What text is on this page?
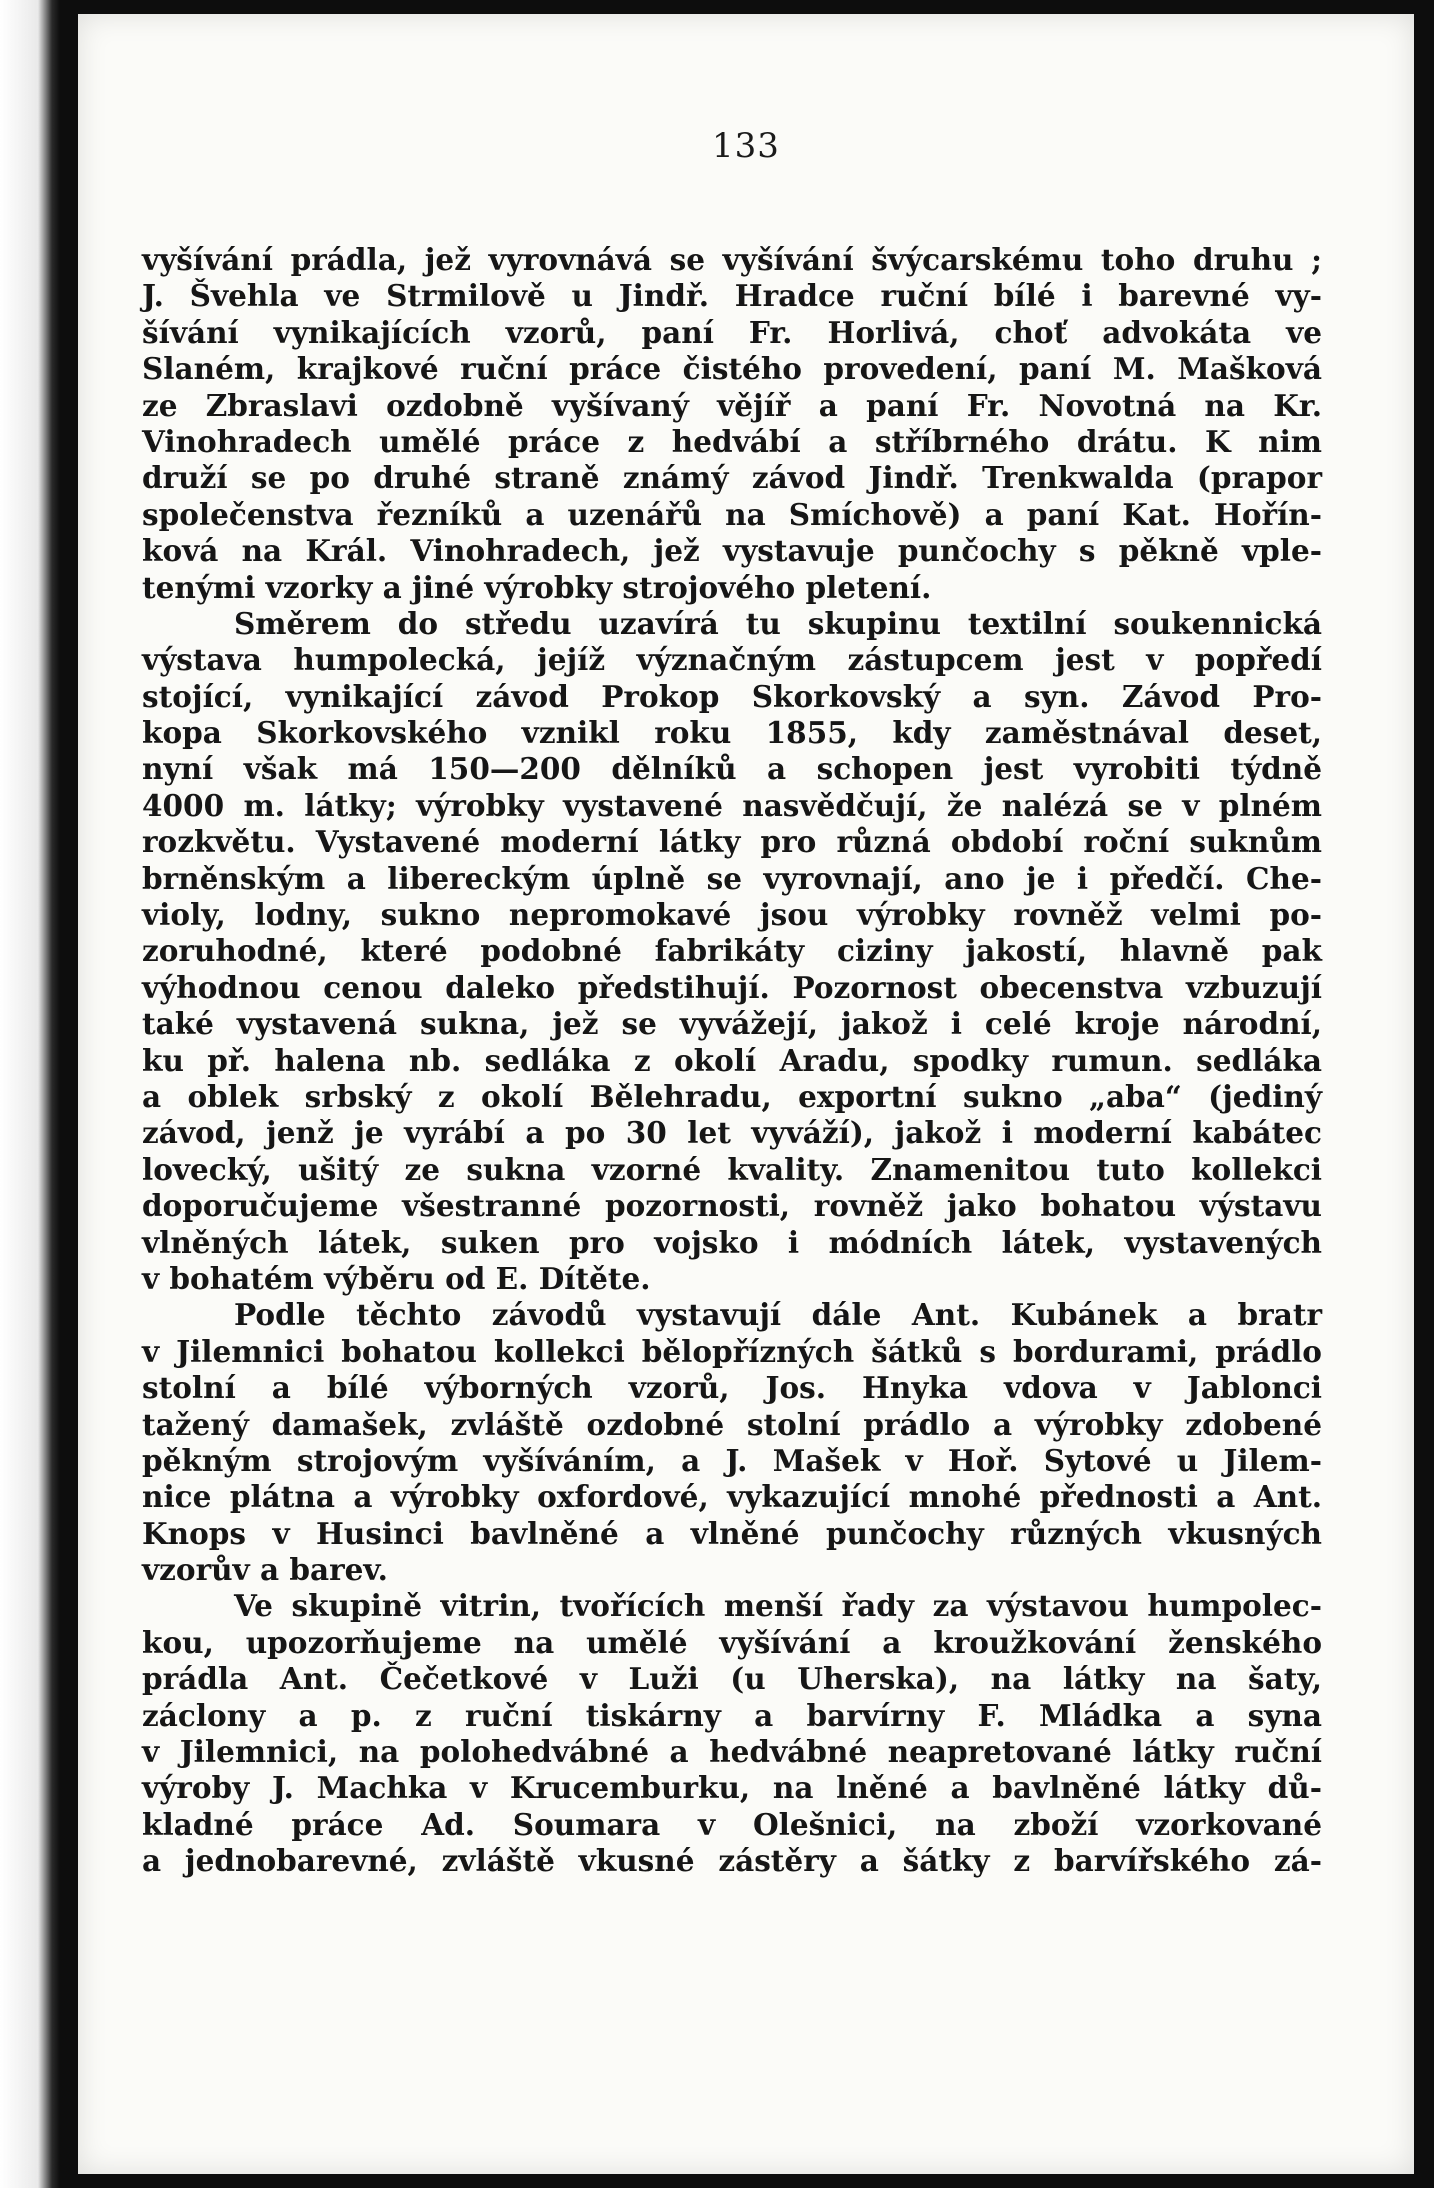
133
vyšívání prádla, jež vyrovnává se vyšívání švýcarskému toho druhu ;
J. Švehla ve Strmilově u Jindř. Hradce ruční bílé i barevné vy-
šívání vynikajících vzorů, paní Fr. Horlivá, choť advokáta ve
Slaném, krajkové ruční práce čistého provedení, paní M. Mašková
ze Zbraslavi ozdobně vyšívaný vějíř a paní Fr. Novotná na Kr.
Vinohradech umělé práce z hedvábí a stříbrného drátu. K nim
druží se po druhé straně známý závod Jindř. Trenkwalda (prapor
společenstva řezníků a uzenářů na Smíchově) a paní Kat. Hořín-
ková na Král. Vinohradech, jež vystavuje punčochy s pěkně vple-
tenými vzorky a jiné výrobky strojového pletení.
Směrem do středu uzavírá tu skupinu textilní soukennická
výstava humpolecká, jejíž význačným zástupcem jest v popředí
stojící, vynikající závod Prokop Skorkovský a syn. Závod Pro-
kopa Skorkovského vznikl roku 1855, kdy zaměstnával deset,
nyní však má 150—200 dělníků a schopen jest vyrobiti týdně
4000 m. látky; výrobky vystavené nasvědčují, že nalézá se v plném
rozkvětu. Vystavené moderní látky pro různá období roční suknům
brněnským a libereckým úplně se vyrovnají, ano je i předčí. Che-
violy, lodny, sukno nepromokavé jsou výrobky rovněž velmi po-
zoruhodné, které podobné fabrikáty ciziny jakostí, hlavně pak
výhodnou cenou daleko předstihují. Pozornost obecenstva vzbuzují
také vystavená sukna, jež se vyvážejí, jakož i celé kroje národní,
ku př. halena nb. sedláka z okolí Aradu, spodky rumun. sedláka
a oblek srbský z okolí Bělehradu, exportní sukno „aba“ (jediný
závod, jenž je vyrábí a po 30 let vyváží), jakož i moderní kabátec
lovecký, ušitý ze sukna vzorné kvality. Znamenitou tuto kollekci
doporučujeme všestranné pozornosti, rovněž jako bohatou výstavu
vlněných látek, suken pro vojsko i módních látek, vystavených
v bohatém výběru od E. Dítěte.
Podle těchto závodů vystavují dále Ant. Kubánek a bratr
v Jilemnici bohatou kollekci bělopřízných šátků s bordurami, prádlo
stolní a bílé výborných vzorů, Jos. Hnyka vdova v Jablonci
tažený damašek, zvláště ozdobné stolní prádlo a výrobky zdobené
pěkným strojovým vyšíváním, a J. Mašek v Hoř. Sytové u Jilem-
nice plátna a výrobky oxfordové, vykazující mnohé přednosti a Ant.
Knops v Husinci bavlněné a vlněné punčochy různých vkusných
vzorův a barev.
Ve skupině vitrin, tvořících menší řady za výstavou humpolec-
kou, upozorňujeme na umělé vyšívání a kroužkování ženského
prádla Ant. Čečetkové v Luži (u Uherska), na látky na šaty,
záclony a p. z ruční tiskárny a barvírny F. Mládka a syna
v Jilemnici, na polohedvábné a hedvábné neapretované látky ruční
výroby J. Machka v Krucemburku, na lněné a bavlněné látky dů-
kladné práce Ad. Soumara v Olešnici, na zboží vzorkované
a jednobarevné, zvláště vkusné zástěry a šátky z barvířského zá-
